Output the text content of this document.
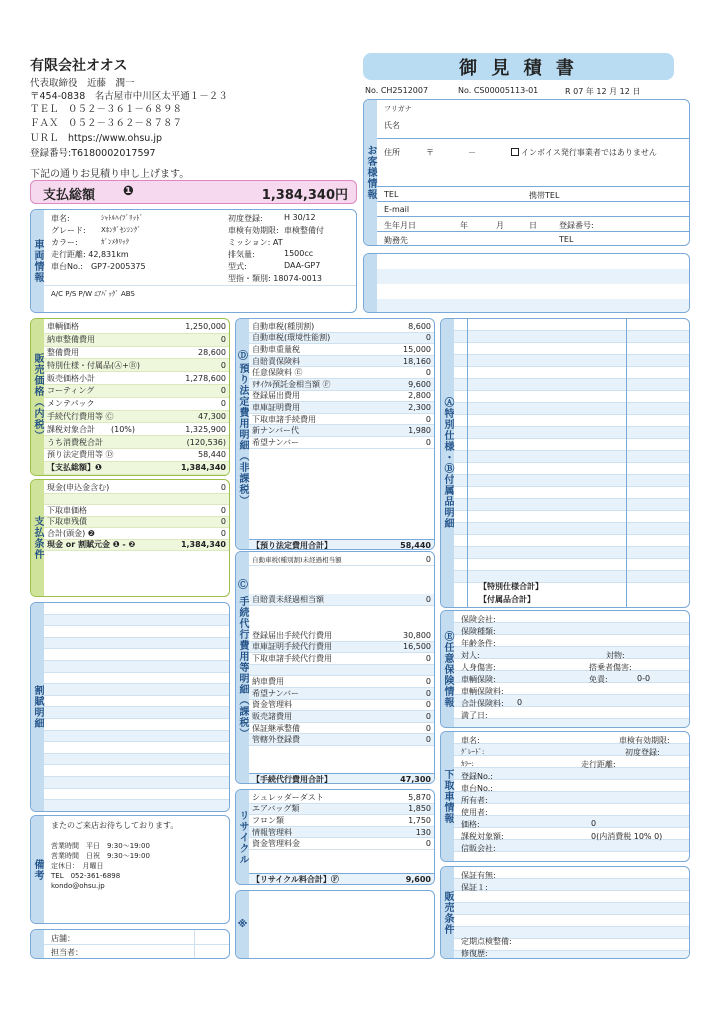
有限会社オオス
代表取締役　近藤　潤一
〒454-0838　名古屋市中川区太平通１－２３
ＴＥＬ　０５２－３６１－６８９８
ＦＡＸ　０５２－３６２－８７８７
ＵＲＬ　https://www.ohsu.jp
登録番号:T6180002017597
下記の通りお見積り申し上げます。
支払総額 ❶	1,384,340円
御 見 積 書
No. CH2512007	No. CS00005113-01	R 07 年 12 月 12 日
お客様情報
フリガナ
氏名
住所	〒	－	インボイス発行事業者ではありません
TEL	携帯TEL
E-mail
生年月日	年	月	日	登録番号:
勤務先	TEL
車両情報
車名:	ｼｬﾄﾙﾊｲﾌﾞﾘｯﾄﾞ
グレード: Xﾎﾝﾀﾞｾﾝｼﾝｸﾞ
カラー:	ｶﾞﾝﾒﾀﾘｯｸ
走行距離: 42,831km
車台No.:　GP7-2005375
初度登録:	H 30/12
車検有効期限: 車検整備付
ミッション: AT
排気量:	1500cc
型式:	DAA-GP7
型指・類別: 18074-0013
A/C P/S P/W ｴｱﾊﾞｯｸﾞ ABS
販売価格（内税）
車輌価格	1,250,000
納車整備費用	0
整備費用	28,600
特別仕様・付属品(Ⓐ+Ⓑ)	0
販売価格小計	1,278,600
コーティング	0
メンテパック	0
手続代行費用等 Ⓒ	47,300
課税対象合計　　(10%)	1,325,900
うち消費税合計	(120,536)
預り法定費用等 Ⓓ	58,440
【支払総額】❶	1,384,340
支払条件
現金(申込金含む)	0
下取車価格	0
下取車残債	0
合計(頭金) ❷	0
現金 or 割賦元金 ❶ - ❷	1,384,340
割賦明細
備考
またのご来店お待ちしております。

営業時間　平日　9:30～19:00
営業時間　日祝　9:30～19:00
定休日：　月曜日
TEL　052-361-6898
kondo@ohsu.jp
店舗：
担当者：
預り法定費用明細（非課税）
Ⓓ
自動車税(種別割)	8,600
自動車税(環境性能割)	0
自動車重量税	15,000
自賠責保険料	18,160
任意保険料 Ⓔ	0
ﾘｻｲｸﾙ預託金相当額 Ⓕ	9,600
登録届出費用	2,800
車庫証明費用	2,300
下取車諸手続費用	0
新ナンバー代	1,980
希望ナンバー	0
【預り法定費用合計】	58,440
手続代行費用等明細（課税）
Ⓒ
自動車税(種別割)未経過相当額	0
自賠責未経過相当額	0
登録届出手続代行費用	30,800
車庫証明手続代行費用	16,500
下取車諸手続代行費用	0
納車費用	0
希望ナンバー	0
資金管理料	0
販売諸費用	0
保証継承整備	0
管轄外登録費	0
【手続代行費用合計】	47,300
リサイクル
シュレッダーダスト	5,870
エアバッグ類	1,850
フロン類	1,750
情報管理料	130
資金管理料金	0
【リサイクル料合計】Ⓕ	9,600
※
Ⓐ特別仕様・Ⓑ付属品明細
【特別仕様合計】
【付属品合計】
Ⓔ任意保険情報
保険会社:
保険種類:
年齢条件:
対人:	対物:
人身傷害:	搭乗者傷害:
車輌保険:	免責:	0-0
車輌保険料:
合計保険料: 0
満了日:
下取車情報
車名:	車検有効期限:
ｸﾞﾚｰﾄﾞ:	初度登録:
ｶﾗｰ:	走行距離:
登録No.:
車台No.:
所有者:
使用者:
価格:	0
課税対象額:	0(内消費税 10% 0)
信販会社:
販売条件
保証有無:
保証１:
定期点検整備:
修復歴:
